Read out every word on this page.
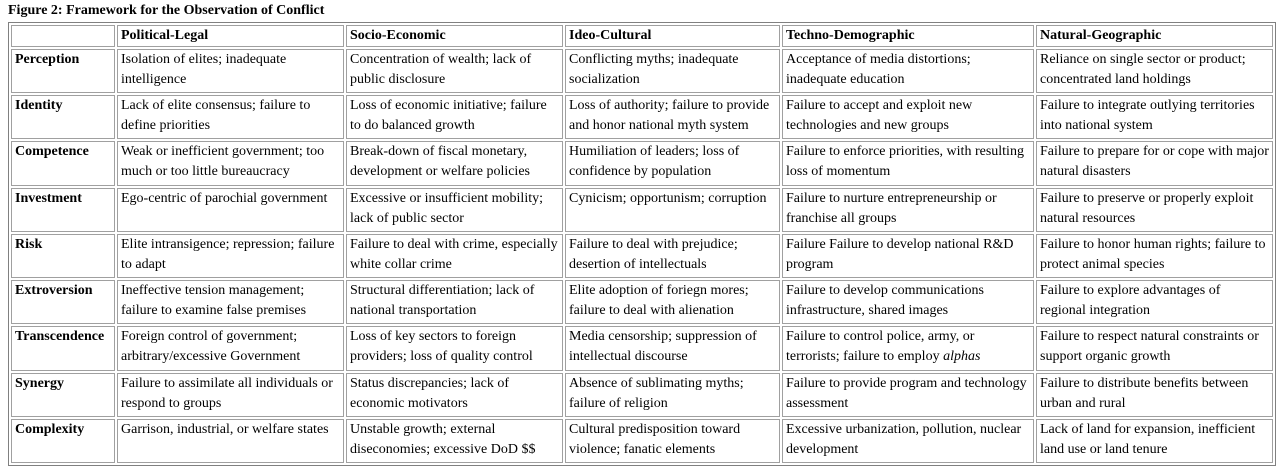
Figure 2: Framework for the Observation of Conflict
	Political-Legal	Socio-Economic	Ideo-Cultural	Techno-Demographic	Natural-Geographic
Perception	Isolation of elites; inadequate intelligence	Concentration of wealth; lack of public disclosure	Conflicting myths; inadequate socialization	Acceptance of media distortions; inadequate education	Reliance on single sector or product; concentrated land holdings
Identity	Lack of elite consensus; failure to define priorities	Loss of economic initiative; failure to do balanced growth	Loss of authority; failure to provide and honor national myth system	Failure to accept and exploit new technologies and new groups	Failure to integrate outlying territories into national system
Competence	Weak or inefficient government; too much or too little bureaucracy	Break-down of fiscal monetary, development or welfare policies	Humiliation of leaders; loss of confidence by population	Failure to enforce priorities, with resulting loss of momentum	Failure to prepare for or cope with major natural disasters
Investment	Ego-centric of parochial government	Excessive or insufficient mobility; lack of public sector	Cynicism; opportunism; corruption	Failure to nurture entrepreneurship or franchise all groups	Failure to preserve or properly exploit natural resources
Risk	Elite intransigence; repression; failure to adapt	Failure to deal with crime, especially white collar crime	Failure to deal with prejudice; desertion of intellectuals	Failure Failure to develop national R&D program	Failure to honor human rights; failure to protect animal species
Extroversion	Ineffective tension management; failure to examine false premises	Structural differentiation; lack of national transportation	Elite adoption of foriegn mores; failure to deal with alienation	Failure to develop communications infrastructure, shared images	Failure to explore advantages of regional integration
Transcendence	Foreign control of government; arbitrary/excessive Government	Loss of key sectors to foreign providers; loss of quality control	Media censorship; suppression of intellectual discourse	Failure to control police, army, or terrorists; failure to employ alphas	Failure to respect natural constraints or support organic growth
Synergy	Failure to assimilate all individuals or respond to groups	Status discrepancies; lack of economic motivators	Absence of sublimating myths; failure of religion	Failure to provide program and technology assessment	Failure to distribute benefits between urban and rural
Complexity	Garrison, industrial, or welfare states	Unstable growth; external diseconomies; excessive DoD $$	Cultural predisposition toward violence; fanatic elements	Excessive urbanization, pollution, nuclear development	Lack of land for expansion, inefficient land use or land tenure
